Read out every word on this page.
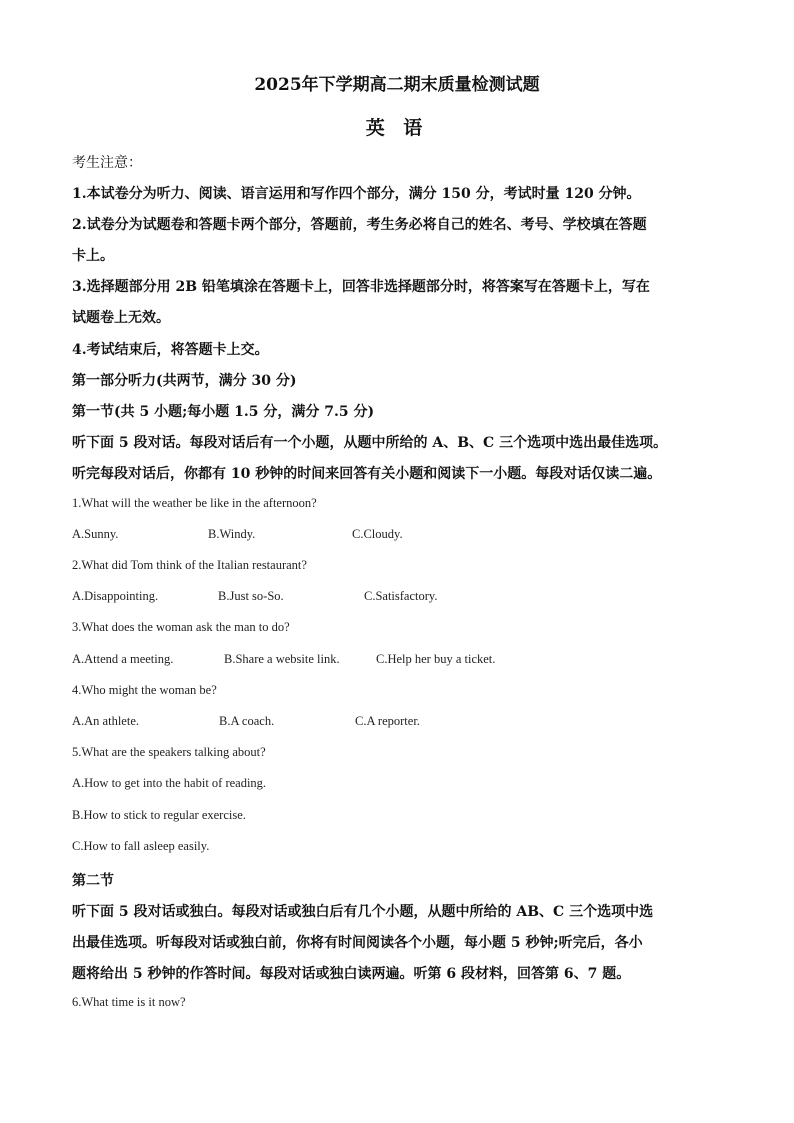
2025年下学期高二期末质量检测试题
英 语
考生注意：
1.本试卷分为听力、阅读、语言运用和写作四个部分，满分 150 分，考试时量 120 分钟。
2.试卷分为试题卷和答题卡两个部分，答题前，考生务必将自己的姓名、考号、学校填在答题
卡上。
3.选择题部分用 2B 铅笔填涂在答题卡上，回答非选择题部分时，将答案写在答题卡上，写在
试题卷上无效。
4.考试结束后，将答题卡上交。
第一部分听力(共两节，满分 30 分)
第一节(共 5 小题;每小题 1.5 分，满分 7.5 分)
听下面 5 段对话。每段对话后有一个小题，从题中所给的 A、B、C 三个选项中选出最佳选项。
听完每段对话后，你都有 10 秒钟的时间来回答有关小题和阅读下一小题。每段对话仅读二遍。
1.What will the weather be like in the afternoon?
A.Sunny.	B.Windy.	C.Cloudy.
2.What did Tom think of the Italian restaurant?
A.Disappointing.	B.Just so-So.	C.Satisfactory.
3.What does the woman ask the man to do?
A.Attend a meeting.	B.Share a website link.	C.Help her buy a ticket.
4.Who might the woman be?
A.An athlete.	B.A coach.	C.A reporter.
5.What are the speakers talking about?
A.How to get into the habit of reading.
B.How to stick to regular exercise.
C.How to fall asleep easily.
第二节
听下面 5 段对话或独白。每段对话或独白后有几个小题，从题中所给的 AB、C 三个选项中选
出最佳选项。听每段对话或独白前，你将有时间阅读各个小题，每小题 5 秒钟;听完后，各小
题将给出 5 秒钟的作答时间。每段对话或独白读两遍。听第 6 段材料，回答第 6、7 题。
6.What time is it now?
